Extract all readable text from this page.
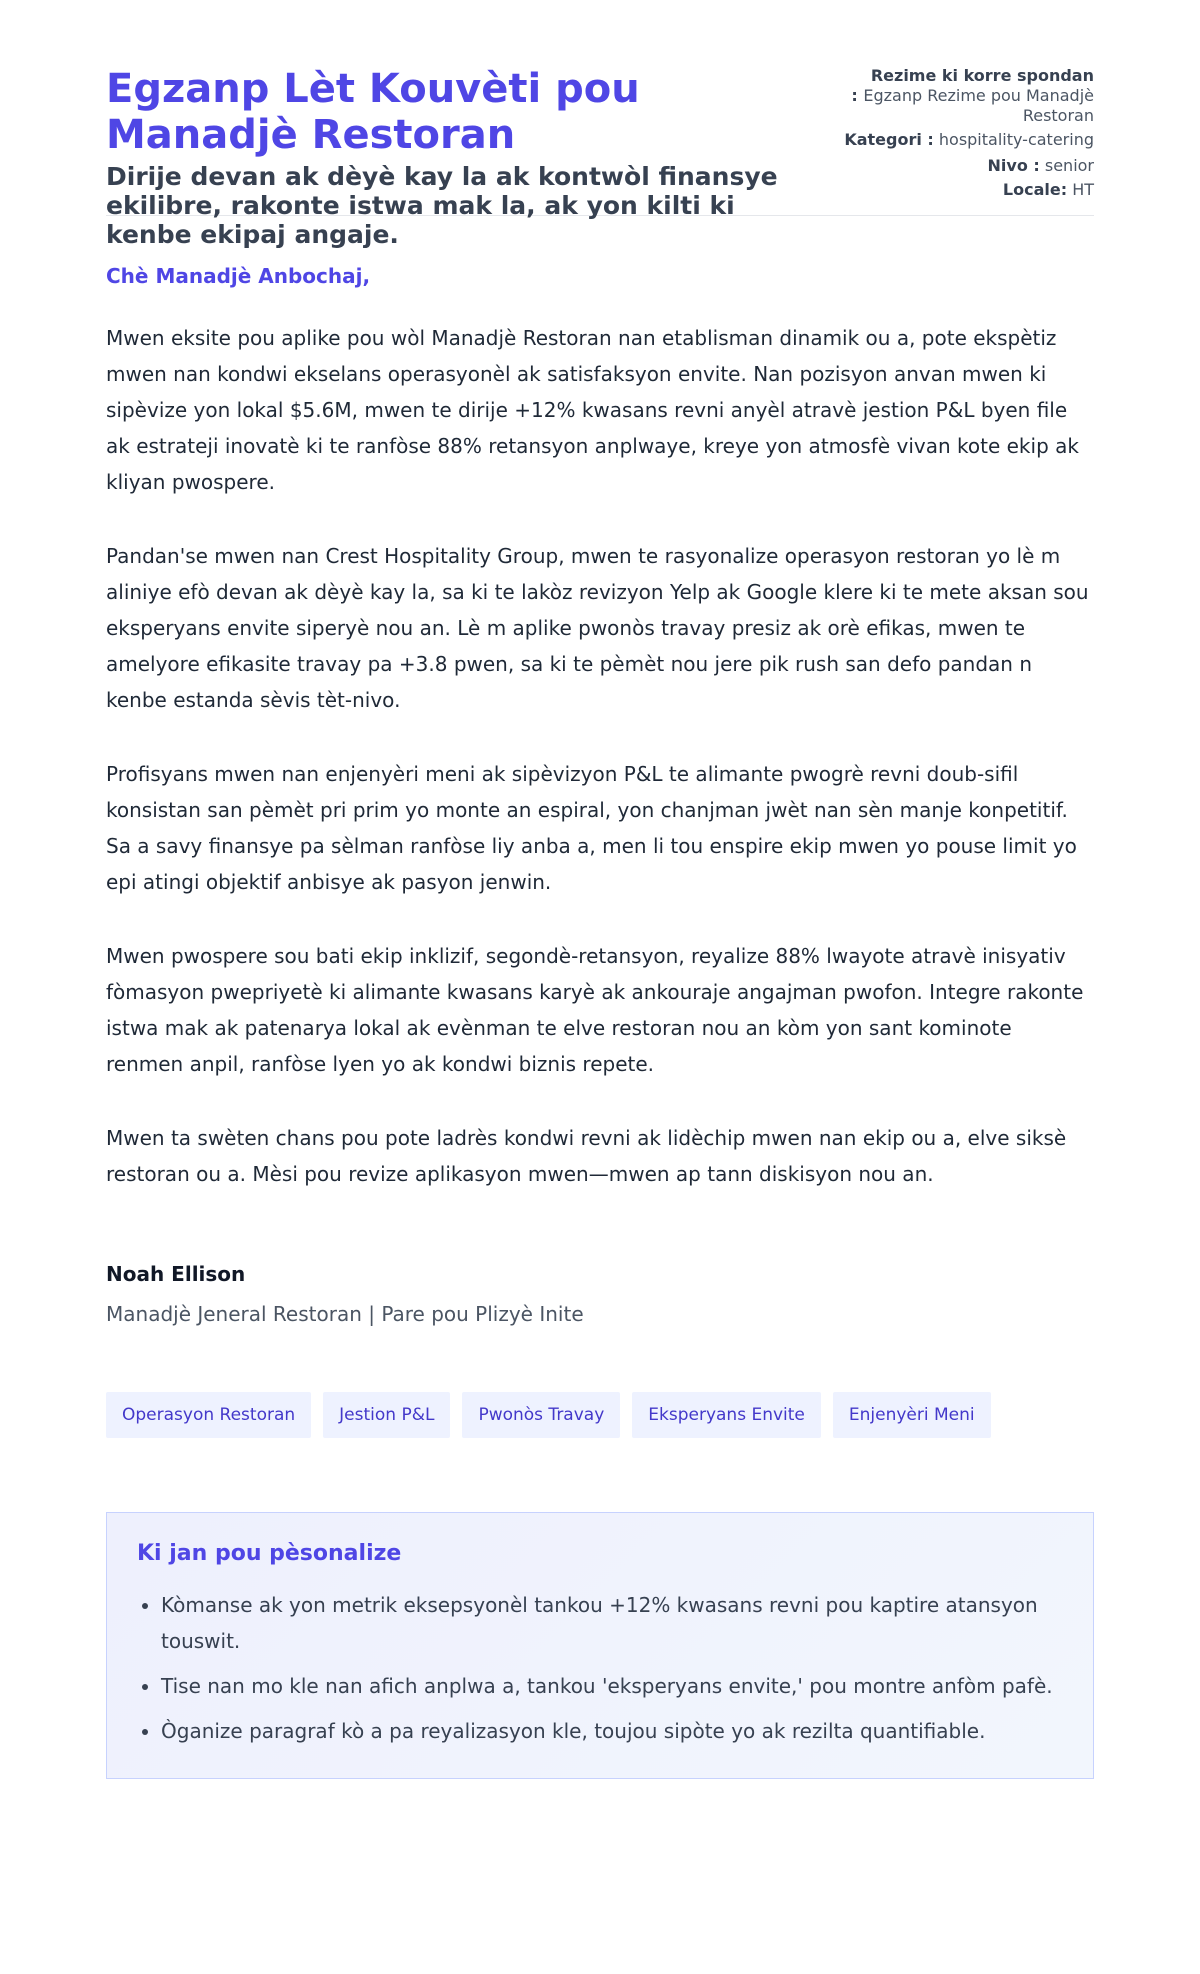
Egzanp Lèt Kouvèti pou Manadjè Restoran

Dirije devan ak dèyè kay la ak kontwòl finansye ekilibre, rakonte istwa mak la, ak yon kilti ki kenbe ekipaj angaje.

Rezime ki korre spondan
: Egzanp Rezime pou Manadjè Restoran
Kategori : hospitality-catering
Nivo : senior
Locale: HT

Chè Manadjè Anbochaj,

Mwen eksite pou aplike pou wòl Manadjè Restoran nan etablisman dinamik ou a, pote ekspètiz mwen nan kondwi ekselans operasyonèl ak satisfaksyon envite. Nan pozisyon anvan mwen ki sipèvize yon lokal $5.6M, mwen te dirije +12% kwasans revni anyèl atravè jestion P&L byen file ak estrateji inovatè ki te ranfòse 88% retansyon anplwaye, kreye yon atmosfè vivan kote ekip ak kliyan pwospere.

Pandan'se mwen nan Crest Hospitality Group, mwen te rasyonalize operasyon restoran yo lè m aliniye efò devan ak dèyè kay la, sa ki te lakòz revizyon Yelp ak Google klere ki te mete aksan sou eksperyans envite siperyè nou an. Lè m aplike pwonòs travay presiz ak orè efikas, mwen te amelyore efikasite travay pa +3.8 pwen, sa ki te pèmèt nou jere pik rush san defo pandan n kenbe estanda sèvis tèt-nivo.

Profisyans mwen nan enjenyèri meni ak sipèvizyon P&L te alimante pwogrè revni doub-sifil konsistan san pèmèt pri prim yo monte an espiral, yon chanjman jwèt nan sèn manje konpetitif. Sa a savy finansye pa sèlman ranfòse liy anba a, men li tou enspire ekip mwen yo pouse limit yo epi atingi objektif anbisye ak pasyon jenwin.

Mwen pwospere sou bati ekip inklizif, segondè-retansyon, reyalize 88% lwayote atravè inisyativ fòmasyon pwepriyetè ki alimante kwasans karyè ak ankouraje angajman pwofon. Integre rakonte istwa mak ak patenarya lokal ak evènman te elve restoran nou an kòm yon sant kominote renmen anpil, ranfòse lyen yo ak kondwi biznis repete.

Mwen ta swèten chans pou pote ladrès kondwi revni ak lidèchip mwen nan ekip ou a, elve siksè restoran ou a. Mèsi pou revize aplikasyon mwen—mwen ap tann diskisyon nou an.

Noah Ellison
Manadjè Jeneral Restoran | Pare pou Plizyè Inite
Operasyon Restoran	Jestion P&L	Pwonòs Travay	Eksperyans Envite	Enjenyèri Meni
Ki jan pou pèsonalize
• Kòmanse ak yon metrik eksepsyonèl tankou +12% kwasans revni pou kaptire atansyon touswit.
• Tise nan mo kle nan afich anplwa a, tankou 'eksperyans envite,' pou montre anfòm pafè.
• Òganize paragraf kò a pa reyalizasyon kle, toujou sipòte yo ak rezilta quantifiable.
